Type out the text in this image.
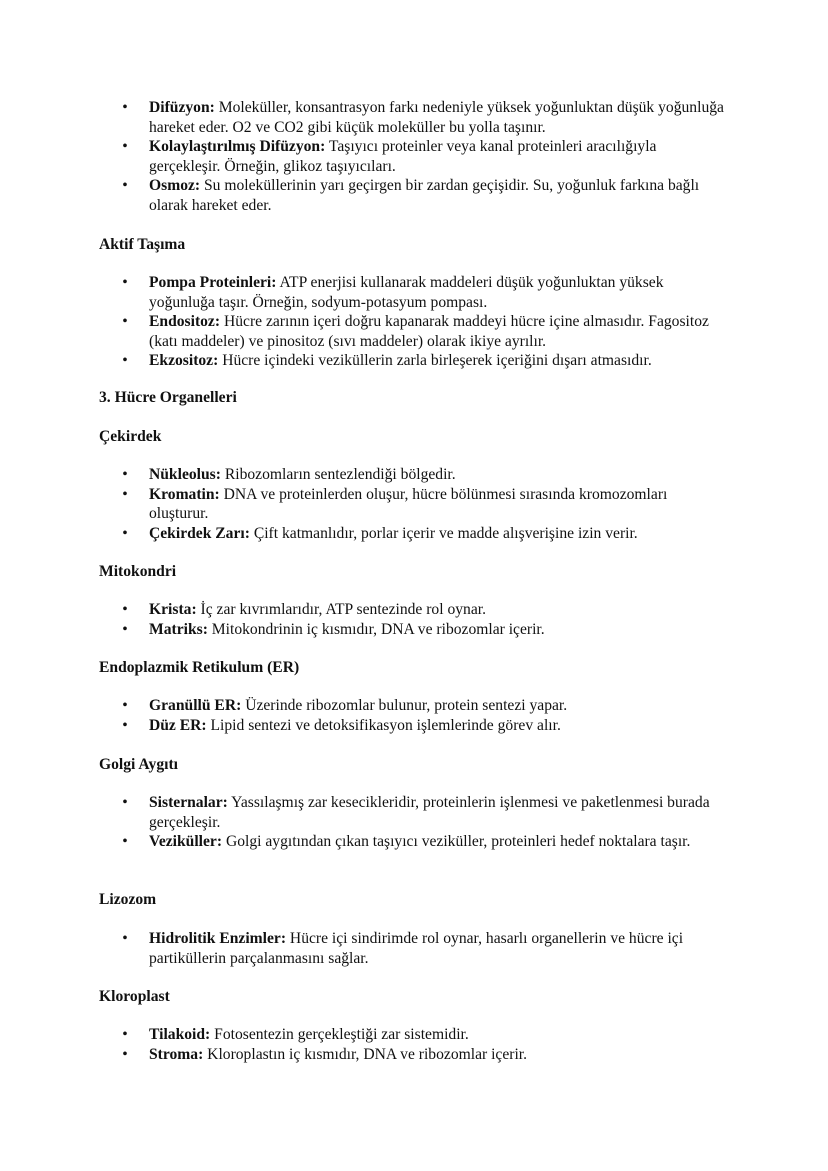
• Difüzyon: Moleküller, konsantrasyon farkı nedeniyle yüksek yoğunluktan düşük yoğunluğa hareket eder. O2 ve CO2 gibi küçük moleküller bu yolla taşınır.
• Kolaylaştırılmış Difüzyon: Taşıyıcı proteinler veya kanal proteinleri aracılığıyla gerçekleşir. Örneğin, glikoz taşıyıcıları.
• Osmoz: Su moleküllerinin yarı geçirgen bir zardan geçişidir. Su, yoğunluk farkına bağlı olarak hareket eder.
Aktif Taşıma
• Pompa Proteinleri: ATP enerjisi kullanarak maddeleri düşük yoğunluktan yüksek yoğunluğa taşır. Örneğin, sodyum-potasyum pompası.
• Endositoz: Hücre zarının içeri doğru kapanarak maddeyi hücre içine almasıdır. Fagositoz (katı maddeler) ve pinositoz (sıvı maddeler) olarak ikiye ayrılır.
• Ekzositoz: Hücre içindeki veziküllerin zarla birleşerek içeriğini dışarı atmasıdır.
3. Hücre Organelleri
Çekirdek
• Nükleolus: Ribozomların sentezlendiği bölgedir.
• Kromatin: DNA ve proteinlerden oluşur, hücre bölünmesi sırasında kromozomları oluşturur.
• Çekirdek Zarı: Çift katmanlıdır, porlar içerir ve madde alışverişine izin verir.
Mitokondri
• Krista: İç zar kıvrımlarıdır, ATP sentezinde rol oynar.
• Matriks: Mitokondrinin iç kısmıdır, DNA ve ribozomlar içerir.
Endoplazmik Retikulum (ER)
• Granüllü ER: Üzerinde ribozomlar bulunur, protein sentezi yapar.
• Düz ER: Lipid sentezi ve detoksifikasyon işlemlerinde görev alır.
Golgi Aygıtı
• Sisternalar: Yassılaşmış zar kesecikleridir, proteinlerin işlenmesi ve paketlenmesi burada gerçekleşir.
• Veziküller: Golgi aygıtından çıkan taşıyıcı veziküller, proteinleri hedef noktalara taşır.
Lizozom
• Hidrolitik Enzimler: Hücre içi sindirimde rol oynar, hasarlı organellerin ve hücre içi partiküllerin parçalanmasını sağlar.
Kloroplast
• Tilakoid: Fotosentezin gerçekleştiği zar sistemidir.
• Stroma: Kloroplastın iç kısmıdır, DNA ve ribozomlar içerir.
